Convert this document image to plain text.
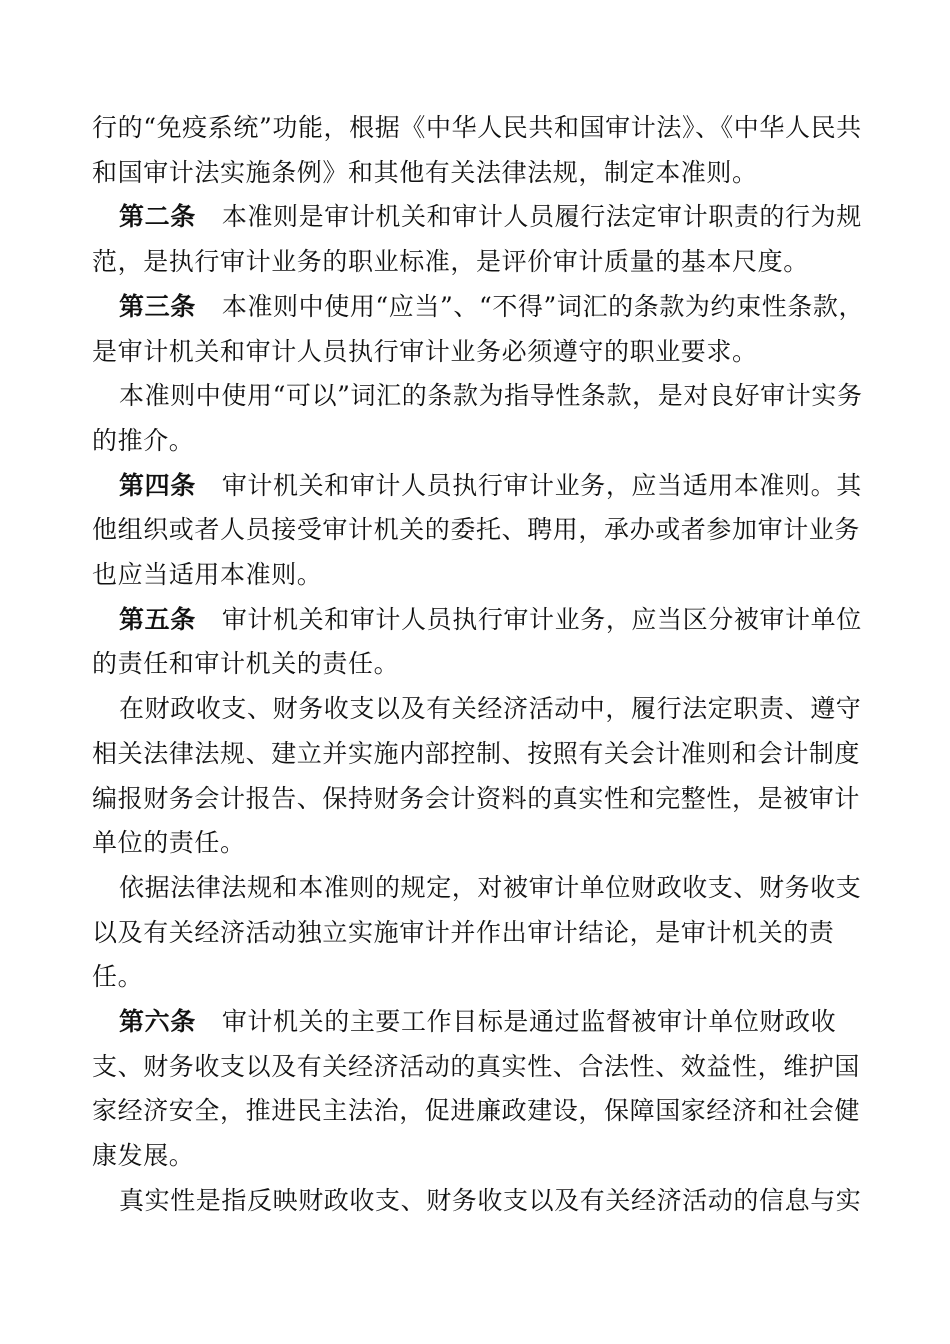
行的“免疫系统”功能，根据《中华人民共和国审计法》、《中华人民共和国审计法实施条例》和其他有关法律法规，制定本准则。

第二条 本准则是审计机关和审计人员履行法定审计职责的行为规范，是执行审计业务的职业标准，是评价审计质量的基本尺度。

第三条 本准则中使用“应当”、“不得”词汇的条款为约束性条款，是审计机关和审计人员执行审计业务必须遵守的职业要求。

本准则中使用“可以”词汇的条款为指导性条款，是对良好审计实务的推介。

第四条 审计机关和审计人员执行审计业务，应当适用本准则。其他组织或者人员接受审计机关的委托、聘用，承办或者参加审计业务也应当适用本准则。

第五条 审计机关和审计人员执行审计业务，应当区分被审计单位的责任和审计机关的责任。

在财政收支、财务收支以及有关经济活动中，履行法定职责、遵守相关法律法规、建立并实施内部控制、按照有关会计准则和会计制度编报财务会计报告、保持财务会计资料的真实性和完整性，是被审计单位的责任。

依据法律法规和本准则的规定，对被审计单位财政收支、财务收支以及有关经济活动独立实施审计并作出审计结论，是审计机关的责任。

第六条 审计机关的主要工作目标是通过监督被审计单位财政收支、财务收支以及有关经济活动的真实性、合法性、效益性，维护国家经济安全，推进民主法治，促进廉政建设，保障国家经济和社会健康发展。

真实性是指反映财政收支、财务收支以及有关经济活动的信息与实
